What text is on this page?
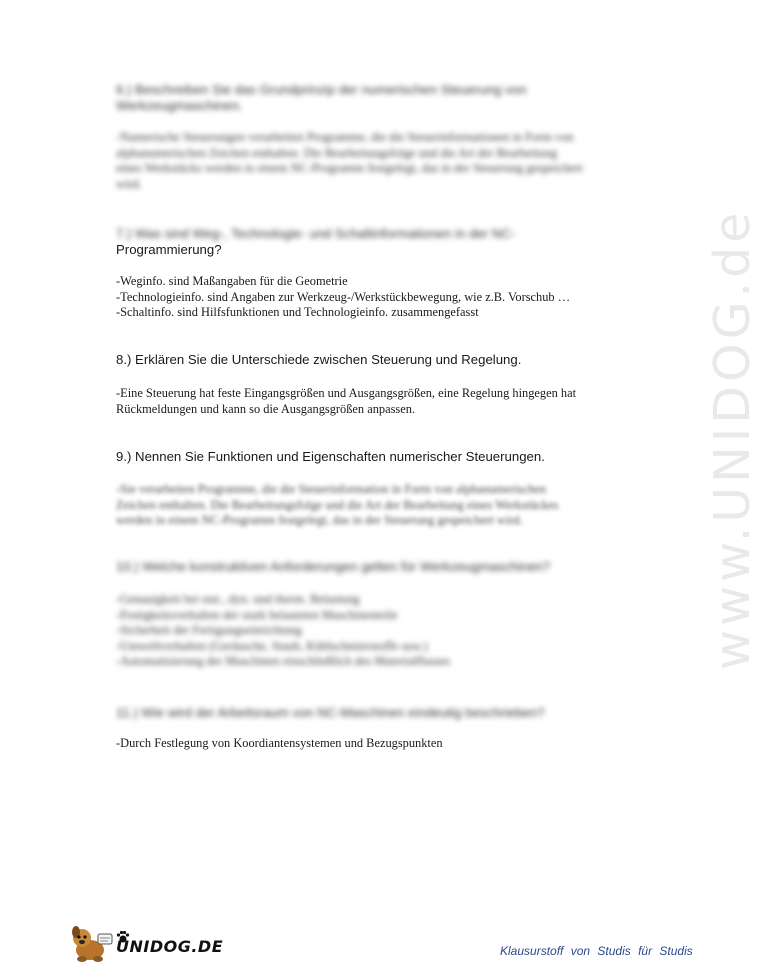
www.UNIDOG.de
6.) Beschreiben Sie das Grundprinzip der numerischen Steuerung von
Werkzeugmaschinen.
-Numerische Steuerungen verarbeiten Programme, die die Steuerinformationen in Form von
alphanumerischen Zeichen enthalten. Die Bearbeitungsfolge und die Art der Bearbeitung
eines Werkstücks werden in einem NC-Programm festgelegt, das in der Steuerung gespeichert
wird.
7.) Was sind Weg-, Technologie- und Schaltinformationen in der NC-
Programmierung?
-Weginfo. sind Maßangaben für die Geometrie
-Technologieinfo. sind Angaben zur Werkzeug-/Werkstückbewegung, wie z.B. Vorschub …
-Schaltinfo. sind Hilfsfunktionen und Technologieinfo. zusammengefasst
8.) Erklären Sie die Unterschiede zwischen Steuerung und Regelung.
-Eine Steuerung hat feste Eingangsgrößen und Ausgangsgrößen, eine Regelung hingegen hat
Rückmeldungen und kann so die Ausgangsgrößen anpassen.
9.) Nennen Sie Funktionen und Eigenschaften numerischer Steuerungen.
-Sie verarbeiten Programme, die die Steuerinformation in Form von alphanumerischen
Zeichen enthalten. Die Bearbeitungsfolge und die Art der Bearbeitung eines Werkstückes
werden in einem NC-Programm festgelegt, das in der Steuerung gespeichert wird.
10.) Welche konstruktiven Anforderungen gelten für Werkzeugmaschinen?
-Genauigkeit bei stat., dyn. und therm. Belastung
-Festigkeitsverhalten der stark belasteten Maschinenteile
-Sicherheit der Fertigungseinrichtung
-Umweltverhalten (Geräusche, Staub, Kühlschmierstoffe usw.)
-Automatisierung der Maschinen einschließlich des Materialflusses
11.) Wie wird der Arbeitsraum von NC-Maschinen eindeutig beschrieben?
-Durch Festlegung von Koordiantensystemen und Bezugspunkten
UNIDOG.DE	Klausurstoff von Studis für Studis
